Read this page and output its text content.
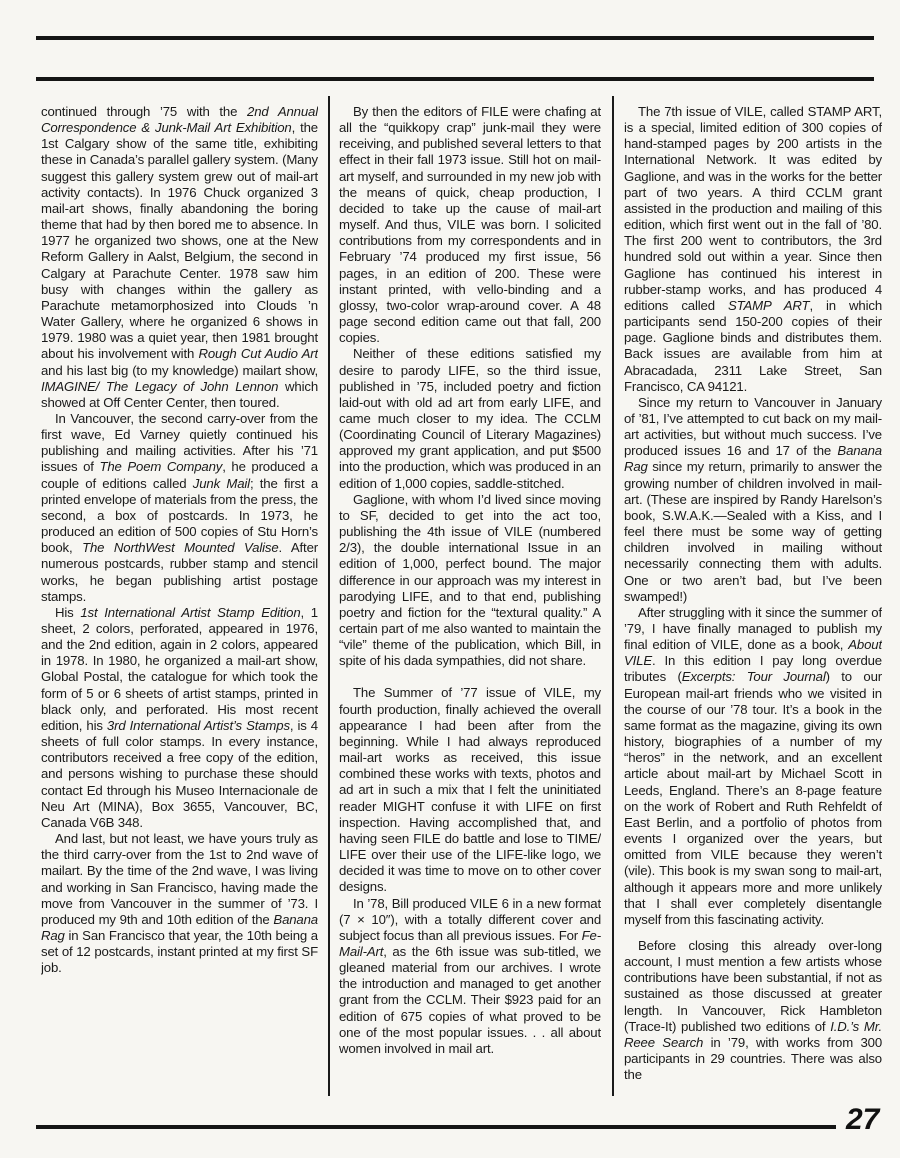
continued through ’75 with the 2nd Annual Correspondence & Junk-Mail Art Exhibition, the 1st Calgary show of the same title, exhibiting these in Canada’s parallel gallery system. (Many suggest this gallery system grew out of mail-art activity contacts). In 1976 Chuck organized 3 mail-art shows, finally abandoning the boring theme that had by then bored me to absence. In 1977 he organized two shows, one at the New Reform Gallery in Aalst, Belgium, the second in Calgary at Parachute Center. 1978 saw him busy with changes within the gallery as Parachute metamorphosized into Clouds ’n Water Gallery, where he organized 6 shows in 1979. 1980 was a quiet year, then 1981 brought about his involvement with Rough Cut Audio Art and his last big (to my knowledge) mailart show, IMAGINE/ The Legacy of John Lennon which showed at Off Center Center, then toured.

In Vancouver, the second carry-over from the first wave, Ed Varney quietly continued his publishing and mailing activities. After his ’71 issues of The Poem Company, he produced a couple of editions called Junk Mail; the first a printed envelope of materials from the press, the second, a box of postcards. In 1973, he produced an edition of 500 copies of Stu Horn’s book, The NorthWest Mounted Valise. After numerous postcards, rubber stamp and stencil works, he began publishing artist postage stamps.

His 1st International Artist Stamp Edition, 1 sheet, 2 colors, perforated, appeared in 1976, and the 2nd edition, again in 2 colors, appeared in 1978. In 1980, he organized a mail-art show, Global Postal, the catalogue for which took the form of 5 or 6 sheets of artist stamps, printed in black only, and perforated. His most recent edition, his 3rd International Artist’s Stamps, is 4 sheets of full color stamps. In every instance, contributors received a free copy of the edition, and persons wishing to purchase these should contact Ed through his Museo Internacionale de Neu Art (MINA), Box 3655, Vancouver, BC, Canada V6B 348.

And last, but not least, we have yours truly as the third carry-over from the 1st to 2nd wave of mailart. By the time of the 2nd wave, I was living and working in San Francisco, having made the move from Vancouver in the summer of ’73. I produced my 9th and 10th edition of the Banana Rag in San Francisco that year, the 10th being a set of 12 postcards, instant printed at my first SF job.

By then the editors of FILE were chafing at all the “quikkopy crap” junk-mail they were receiving, and published several letters to that effect in their fall 1973 issue. Still hot on mail-art myself, and surrounded in my new job with the means of quick, cheap production, I decided to take up the cause of mail-art myself. And thus, VILE was born. I solicited contributions from my correspondents and in February ’74 produced my first issue, 56 pages, in an edition of 200. These were instant printed, with vello-binding and a glossy, two-color wrap-around cover. A 48 page second edition came out that fall, 200 copies.

Neither of these editions satisfied my desire to parody LIFE, so the third issue, published in ’75, included poetry and fiction laid-out with old ad art from early LIFE, and came much closer to my idea. The CCLM (Coordinating Council of Literary Magazines) approved my grant application, and put $500 into the production, which was produced in an edition of 1,000 copies, saddle-stitched.

Gaglione, with whom I’d lived since moving to SF, decided to get into the act too, publishing the 4th issue of VILE (numbered 2/3), the double international Issue in an edition of 1,000, perfect bound. The major difference in our approach was my interest in parodying LIFE, and to that end, publishing poetry and fiction for the “textural quality.” A certain part of me also wanted to maintain the “vile” theme of the publication, which Bill, in spite of his dada sympathies, did not share.

The Summer of ’77 issue of VILE, my fourth production, finally achieved the overall appearance I had been after from the beginning. While I had always reproduced mail-art works as received, this issue combined these works with texts, photos and ad art in such a mix that I felt the uninitiated reader MIGHT confuse it with LIFE on first inspection. Having accomplished that, and having seen FILE do battle and lose to TIME/ LIFE over their use of the LIFE-like logo, we decided it was time to move on to other cover designs.

In ’78, Bill produced VILE 6 in a new format (7 × 10″), with a totally different cover and subject focus than all previous issues. For Fe-Mail-Art, as the 6th issue was sub-titled, we gleaned material from our archives. I wrote the introduction and managed to get another grant from the CCLM. Their $923 paid for an edition of 675 copies of what proved to be one of the most popular issues. . . all about women involved in mail art.

The 7th issue of VILE, called STAMP ART, is a special, limited edition of 300 copies of hand-stamped pages by 200 artists in the International Network. It was edited by Gaglione, and was in the works for the better part of two years. A third CCLM grant assisted in the production and mailing of this edition, which first went out in the fall of ’80. The first 200 went to contributors, the 3rd hundred sold out within a year. Since then Gaglione has continued his interest in rubber-stamp works, and has produced 4 editions called STAMP ART, in which participants send 150-200 copies of their page. Gaglione binds and distributes them. Back issues are available from him at Abracadada, 2311 Lake Street, San Francisco, CA 94121.

Since my return to Vancouver in January of ’81, I’ve attempted to cut back on my mail-art activities, but without much success. I’ve produced issues 16 and 17 of the Banana Rag since my return, primarily to answer the growing number of children involved in mail-art. (These are inspired by Randy Harelson’s book, S.W.A.K.—Sealed with a Kiss, and I feel there must be some way of getting children involved in mailing without necessarily connecting them with adults. One or two aren’t bad, but I’ve been swamped!)

After struggling with it since the summer of ’79, I have finally managed to publish my final edition of VILE, done as a book, About VILE. In this edition I pay long overdue tributes (Excerpts: Tour Journal) to our European mail-art friends who we visited in the course of our ’78 tour. It’s a book in the same format as the magazine, giving its own history, biographies of a number of my “heros” in the network, and an excellent article about mail-art by Michael Scott in Leeds, England. There’s an 8-page feature on the work of Robert and Ruth Rehfeldt of East Berlin, and a portfolio of photos from events I organized over the years, but omitted from VILE because they weren’t (vile). This book is my swan song to mail-art, although it appears more and more unlikely that I shall ever completely disentangle myself from this fascinating activity.

Before closing this already over-long account, I must mention a few artists whose contributions have been substantial, if not as sustained as those discussed at greater length. In Vancouver, Rick Hambleton (Trace-It) published two editions of I.D.’s Mr. Reee Search in ’79, with works from 300 participants in 29 countries. There was also the

27
